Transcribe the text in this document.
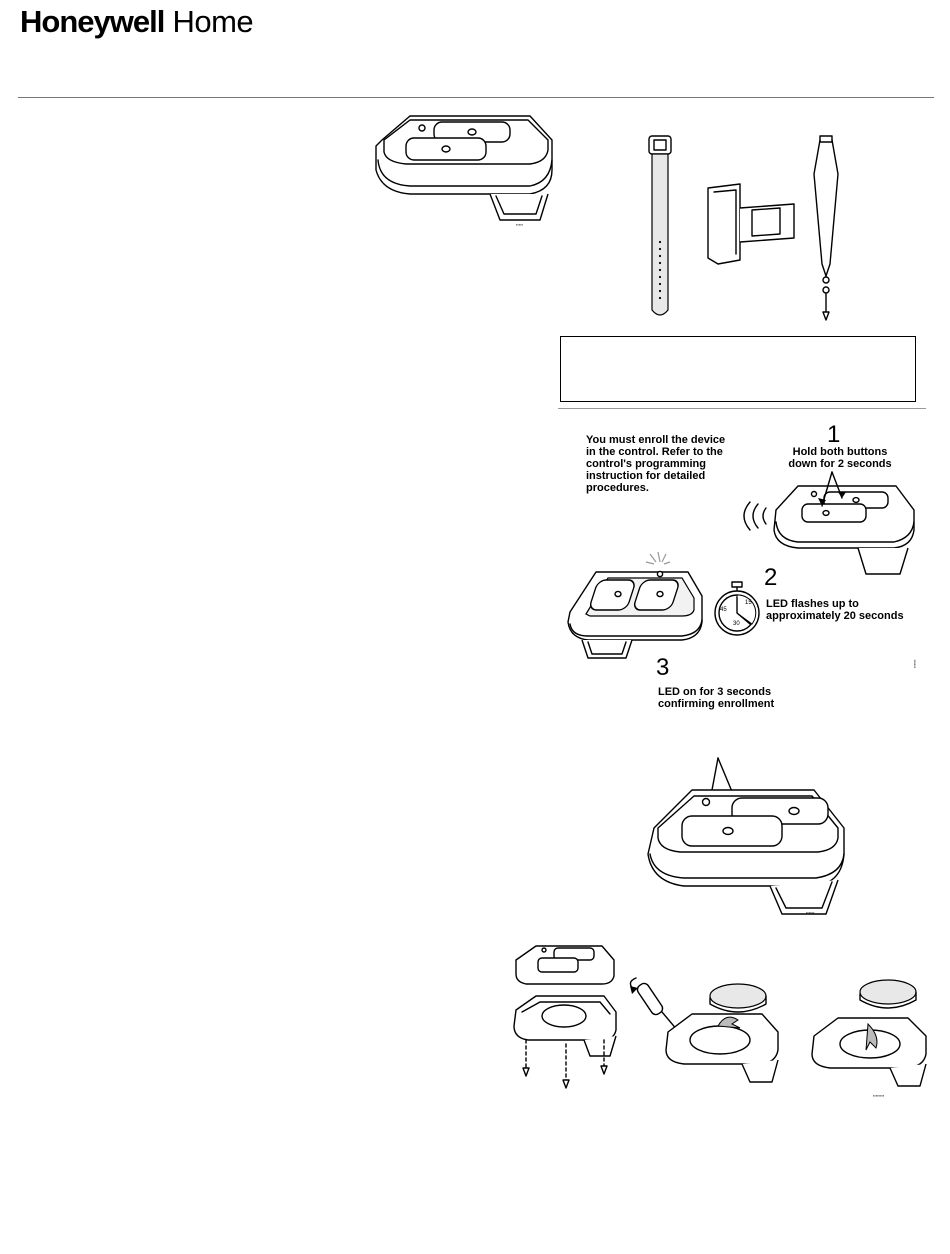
Honeywell Home
▪▪▪▪▪
You must enroll the device
in the control. Refer to the
control's programming
instruction for detailed
procedures.
1
Hold both buttons
down for 2 seconds
15
30
45
2
LED flashes up to
approximately 20 seconds
3
LED on for 3 seconds
confirming enrollment
▪▪▪▪▪▪
▪▪▪▪▪▪
▪▪▪▪▪▪▪▪
